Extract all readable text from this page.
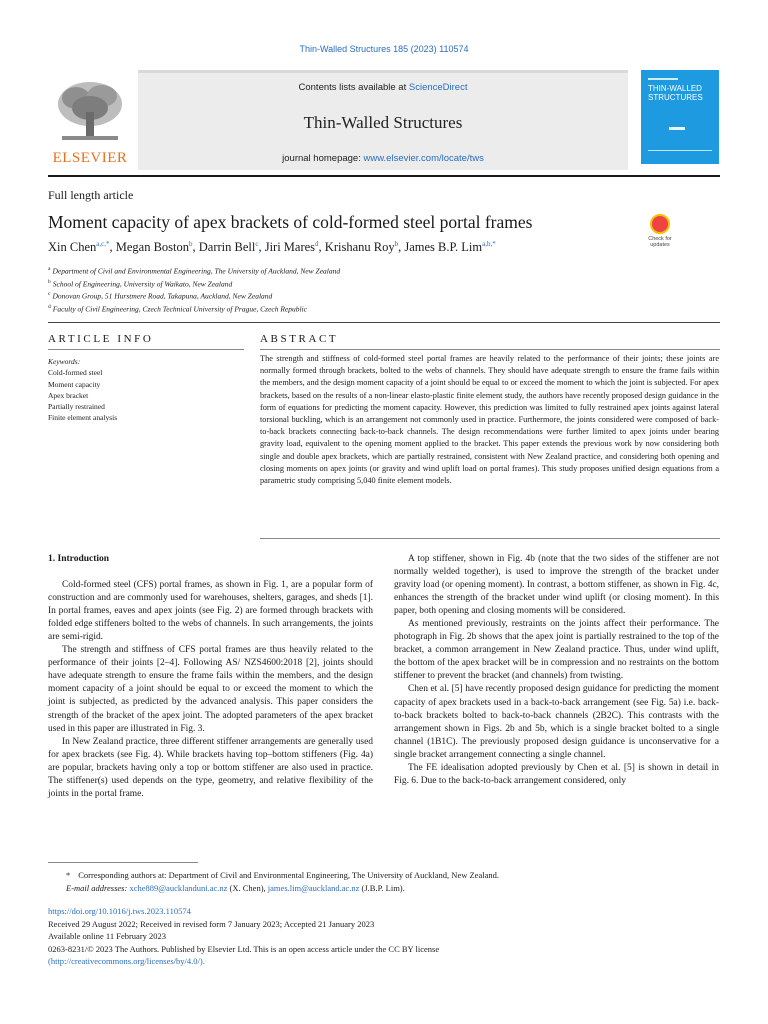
Thin-Walled Structures 185 (2023) 110574
ELSEVIER
Contents lists available at ScienceDirect
Thin-Walled Structures
journal homepage: www.elsevier.com/locate/tws
THIN-WALLED STRUCTURES
Full length article
Moment capacity of apex brackets of cold-formed steel portal frames
Xin Chen$^{a,c,*}$, Megan Boston$^b$, Darrin Bell$^c$, Jiri Mares$^d$, Krishanu Roy$^b$, James B.P. Lim$^{a,b,*}$
Check for updates
$^a$ Department of Civil and Environmental Engineering, The University of Auckland, New Zealand
$^b$ School of Engineering, University of Waikato, New Zealand
$^c$ Donovan Group, 51 Hurstmere Road, Takapuna, Auckland, New Zealand
$^d$ Faculty of Civil Engineering, Czech Technical University of Prague, Czech Republic
ARTICLE INFO	ABSTRACT
Keywords:
Cold-formed steel
Moment capacity
Apex bracket
Partially restrained
Finite element analysis
The strength and stiffness of cold-formed steel portal frames are heavily related to the performance of their joints; these joints are normally formed through brackets, bolted to the webs of channels. They should have adequate strength to ensure the frame fails within the members, and the design moment capacity of a joint should be equal to or exceed the moment to which the joint is subjected. For apex brackets, based on the results of a non-linear elasto-plastic finite element study, the authors have recently proposed design guidance in the form of equations for predicting the moment capacity. However, this prediction was limited to fully restrained apex joints against lateral torsional buckling, which is an arrangement not commonly used in practice. Furthermore, the joints considered were composed of back-to-back brackets connecting back-to-back channels. The design recommendations were further limited to apex joints under bearing gravity load, equivalent to the opening moment applied to the bracket. This paper extends the previous work by now considering both single and double apex brackets, which are partially restrained, consistent with New Zealand practice, and considering both opening and closing moments on apex joints (or gravity and wind uplift load on portal frames). This study proposes unified design equations from a parametric study comprising 5,040 finite element models.
1. Introduction

Cold-formed steel (CFS) portal frames, as shown in Fig. 1, are a popular form of construction and are commonly used for warehouses, shelters, garages, and sheds [1]. In portal frames, eaves and apex joints (see Fig. 2) are formed through brackets with folded edge stiffeners bolted to the webs of channels. In such arrangements, the joints are semi-rigid.

The strength and stiffness of CFS portal frames are thus heavily related to the performance of their joints [2–4]. Following AS/ NZS4600:2018 [2], joints should have adequate strength to ensure the frame fails within the members, and the design moment capacity of a joint should be equal to or exceed the moment to which the joint is subjected, as predicted by the advanced analysis. This paper considers the strength of the bracket of the apex joint. The adopted parameters of the apex bracket used in this paper are illustrated in Fig. 3.

In New Zealand practice, three different stiffener arrangements are generally used for apex brackets (see Fig. 4). While brackets having top–bottom stiffeners (Fig. 4a) are popular, brackets having only a top or bottom stiffener are also used in practice. The stiffener(s) used depends on the type, geometry, and relative flexibility of the joints in the portal frame.

A top stiffener, shown in Fig. 4b (note that the two sides of the stiffener are not normally welded together), is used to improve the strength of the bracket under gravity load (or opening moment). In contrast, a bottom stiffener, as shown in Fig. 4c, enhances the strength of the bracket under wind uplift (or closing moment). In this paper, both opening and closing moments will be considered.

As mentioned previously, restraints on the joints affect their performance. The photograph in Fig. 2b shows that the apex joint is partially restrained to the top of the bracket, a common arrangement in New Zealand practice. Thus, under wind uplift, the bottom of the apex bracket will be in compression and no restraints on the bottom stiffener to prevent the bracket (and channels) from twisting.

Chen et al. [5] have recently proposed design guidance for predicting the moment capacity of apex brackets used in a back-to-back arrangement (see Fig. 5a) i.e. back-to-back brackets bolted to back-to-back channels (2B2C). This contrasts with the arrangement shown in Figs. 2b and 5b, which is a single bracket bolted to a single channel (1B1C). The previously proposed design guidance is unconservative for a single bracket arrangement connecting a single channel.

The FE idealisation adopted previously by Chen et al. [5] is shown in detail in Fig. 6. Due to the back-to-back arrangement considered, only

* Corresponding authors at: Department of Civil and Environmental Engineering, The University of Auckland, New Zealand.
E-mail addresses: xche889@aucklanduni.ac.nz (X. Chen), james.lim@auckland.ac.nz (J.B.P. Lim).
https://doi.org/10.1016/j.tws.2023.110574
Received 29 August 2022; Received in revised form 7 January 2023; Accepted 21 January 2023
Available online 11 February 2023
0263-8231/© 2023 The Authors. Published by Elsevier Ltd. This is an open access article under the CC BY license
(http://creativecommons.org/licenses/by/4.0/).
